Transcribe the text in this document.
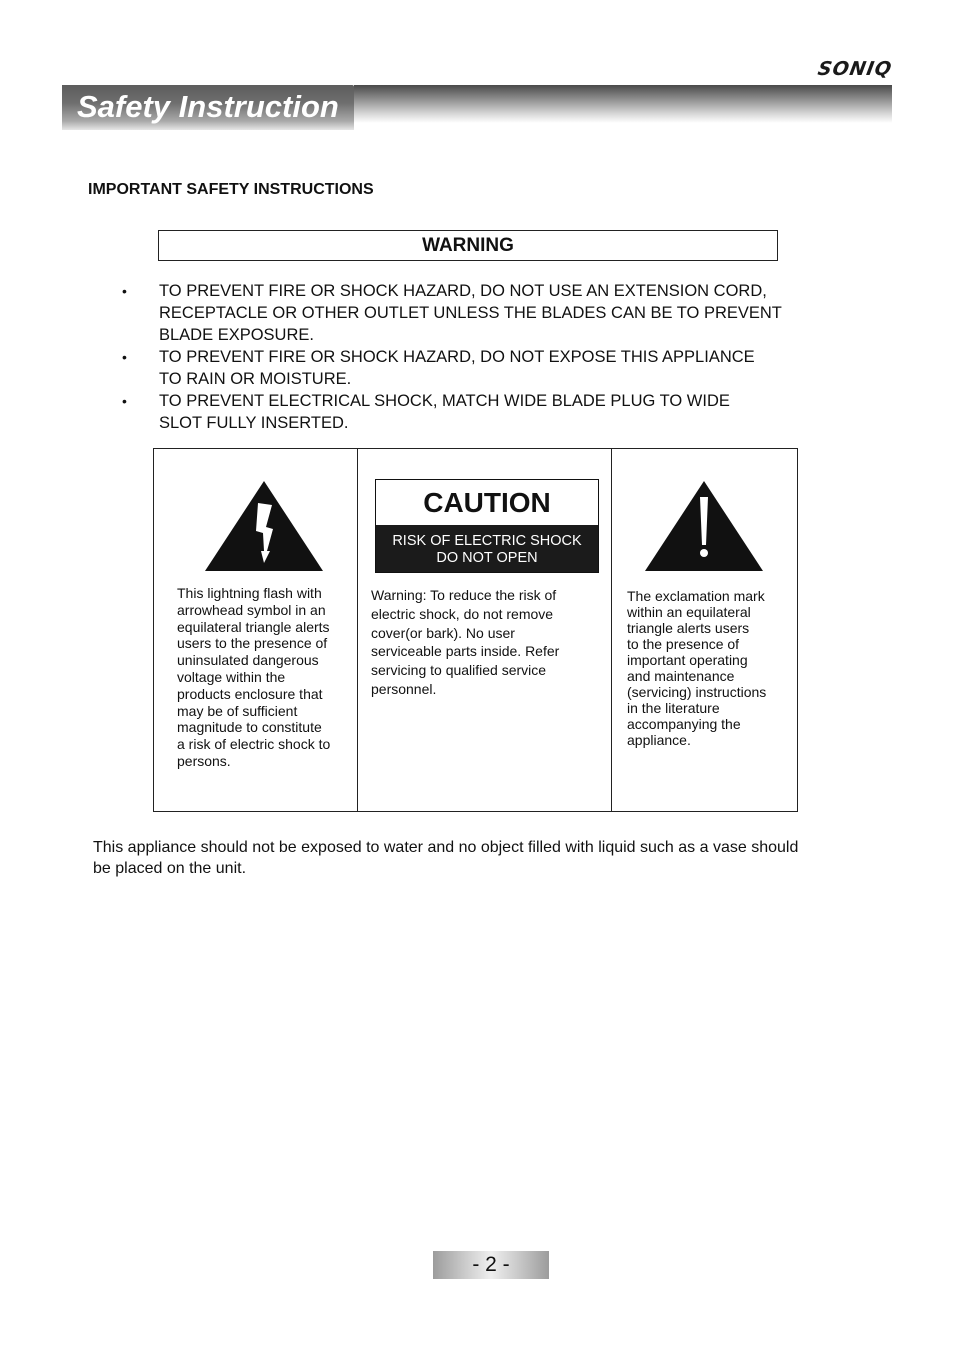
SONIQ
Safety Instruction
IMPORTANT SAFETY INSTRUCTIONS
WARNING
• TO PREVENT FIRE OR SHOCK HAZARD, DO NOT USE AN EXTENSION CORD,
RECEPTACLE OR OTHER OUTLET UNLESS THE BLADES CAN BE TO PREVENT
BLADE EXPOSURE.
• TO PREVENT FIRE OR SHOCK HAZARD, DO NOT EXPOSE THIS APPLIANCE
TO RAIN OR MOISTURE.
• TO PREVENT ELECTRICAL SHOCK, MATCH WIDE BLADE PLUG TO WIDE
SLOT FULLY INSERTED.
This lightning flash with
arrowhead symbol in an
equilateral triangle alerts
users to the presence of
uninsulated dangerous
voltage within the
products enclosure that
may be of sufficient
magnitude to constitute
a risk of electric shock to
persons.
CAUTION
RISK OF ELECTRIC SHOCK
DO NOT OPEN
Warning: To reduce the risk of
electric shock, do not remove
cover(or bark). No user
serviceable parts inside. Refer
servicing to qualified service
personnel.
The exclamation mark
within an equilateral
triangle alerts users
to the presence of
important operating
and maintenance
(servicing) instructions
in the literature
accompanying the
appliance.
This appliance should not be exposed to water and no object filled with liquid such as a vase should
be placed on the unit.
- 2 -
